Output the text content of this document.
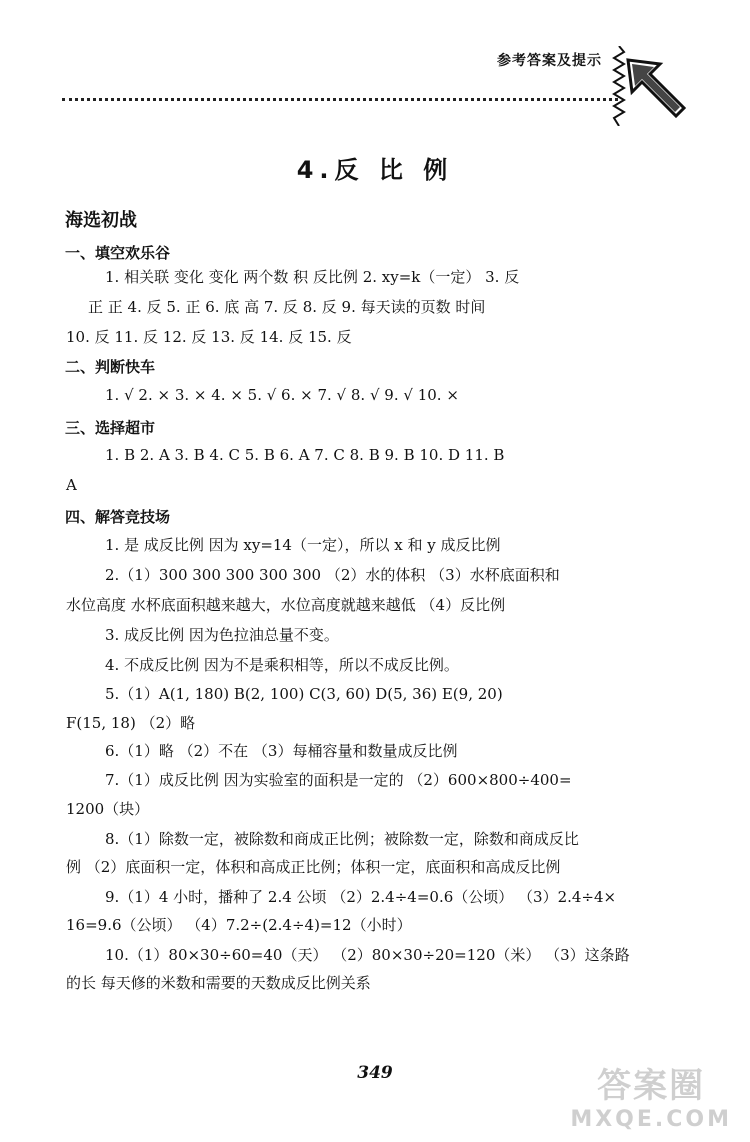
参考答案及提示
4.反 比 例
海选初战
一、填空欢乐谷
1. 相关联 变化 变化 两个数 积 反比例 2. xy=k（一定） 3. 反
正 正 4. 反 5. 正 6. 底 高 7. 反 8. 反 9. 每天读的页数 时间
10. 反 11. 反 12. 反 13. 反 14. 反 15. 反
二、判断快车
1. √ 2. × 3. × 4. × 5. √ 6. × 7. √ 8. √ 9. √ 10. ×
三、选择超市
1. B 2. A 3. B 4. C 5. B 6. A 7. C 8. B 9. B 10. D 11. B
A
四、解答竞技场
1. 是 成反比例 因为 xy=14（一定），所以 x 和 y 成反比例
2.（1）300 300 300 300 300 （2）水的体积 （3）水杯底面积和
水位高度 水杯底面积越来越大，水位高度就越来越低 （4）反比例
3. 成反比例 因为色拉油总量不变。
4. 不成反比例 因为不是乘积相等，所以不成反比例。
5.（1）A(1, 180) B(2, 100) C(3, 60) D(5, 36) E(9, 20)
F(15, 18) （2）略
6.（1）略 （2）不在 （3）每桶容量和数量成反比例
7.（1）成反比例 因为实验室的面积是一定的 （2）600×800÷400=
1200（块）
8.（1）除数一定，被除数和商成正比例；被除数一定，除数和商成反比
例 （2）底面积一定，体积和高成正比例；体积一定，底面积和高成反比例
9.（1）4 小时，播种了 2.4 公顷 （2）2.4÷4=0.6（公顷） （3）2.4÷4×
16=9.6（公顷） （4）7.2÷(2.4÷4)=12（小时）
10.（1）80×30÷60=40（天） （2）80×30÷20=120（米） （3）这条路
的长 每天修的米数和需要的天数成反比例关系
349	答案圈
MXQE.COM
